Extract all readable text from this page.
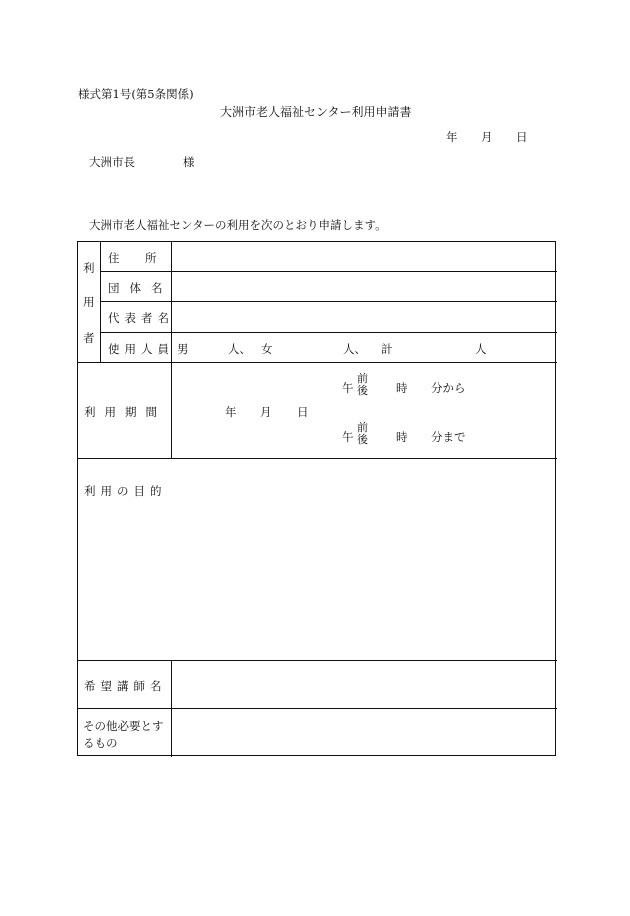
様式第1号(第5条関係)
大洲市老人福祉センター利用申請書
年 月 日
大洲市長	様
大洲市老人福祉センターの利用を次のとおり申請します。
利
用
者
住　所
団体名
代表者名
使用人員 男	人、 女	人、 計	人
利用期間	年 月 日
午
前
後 時 分から
午
前
後 時 分まで
利用の目的
希望講師名
その他必要とす
るもの
